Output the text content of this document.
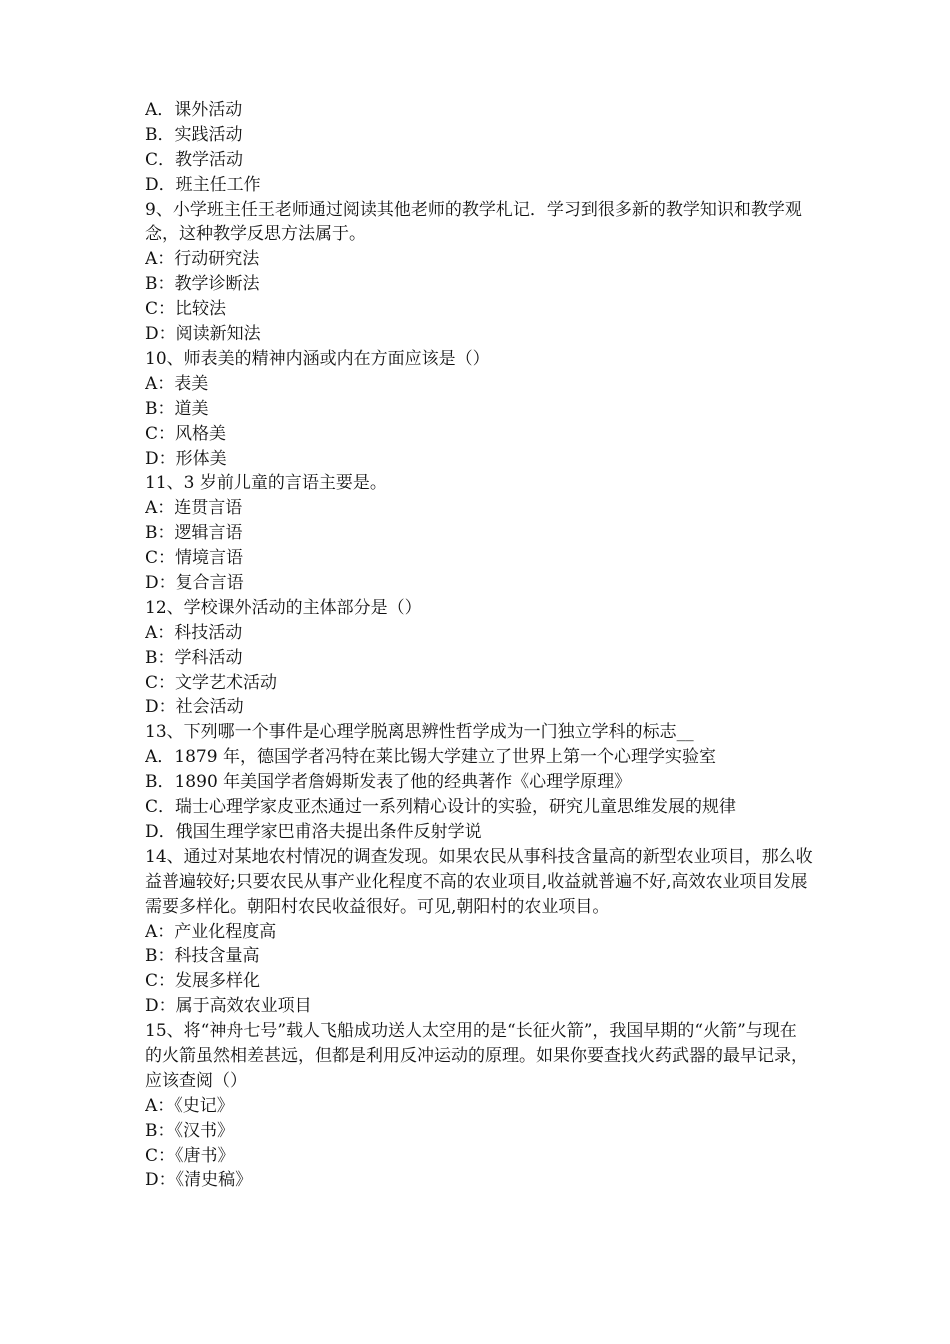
A．课外活动
B．实践活动
C．教学活动
D．班主任工作
9、小学班主任王老师通过阅读其他老师的教学札记．学习到很多新的教学知识和教学观念，这种教学反思方法属于。
A：行动研究法
B：教学诊断法
C：比较法
D：阅读新知法
10、师表美的精神内涵或内在方面应该是（）
A：表美
B：道美
C：风格美
D：形体美
11、3 岁前儿童的言语主要是。
A：连贯言语
B：逻辑言语
C：情境言语
D：复合言语
12、学校课外活动的主体部分是（）
A：科技活动
B：学科活动
C：文学艺术活动
D：社会活动
13、下列哪一个事件是心理学脱离思辨性哲学成为一门独立学科的标志__
A．1879 年，德国学者冯特在莱比锡大学建立了世界上第一个心理学实验室
B．1890 年美国学者詹姆斯发表了他的经典著作《心理学原理》
C．瑞士心理学家皮亚杰通过一系列精心设计的实验，研究儿童思维发展的规律
D．俄国生理学家巴甫洛夫提出条件反射学说
14、通过对某地农村情况的调查发现。如果农民从事科技含量高的新型农业项目，那么收益普遍较好;只要农民从事产业化程度不高的农业项目,收益就普遍不好,高效农业项目发展需要多样化。朝阳村农民收益很好。可见,朝阳村的农业项目。
A：产业化程度高
B：科技含量高
C：发展多样化
D：属于高效农业项目
15、将“神舟七号”载人飞船成功送人太空用的是“长征火箭”，我国早期的“火箭”与现在的火箭虽然相差甚远，但都是利用反冲运动的原理。如果你要查找火药武器的最早记录，应该查阅（）
A：《史记》
B：《汉书》
C：《唐书》
D：《清史稿》
